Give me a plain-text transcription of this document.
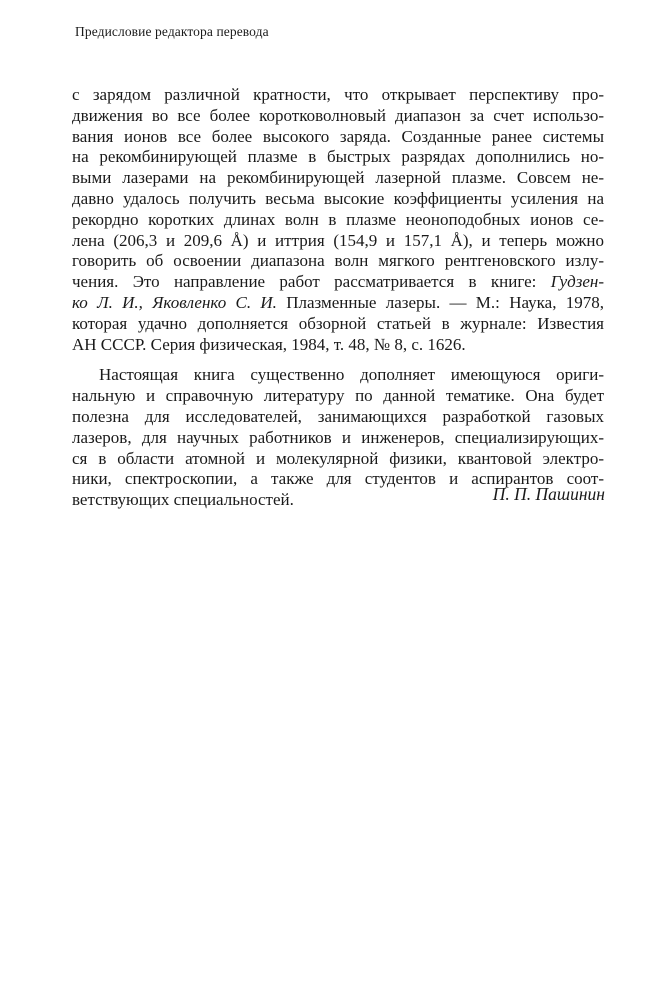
Предисловие редактора перевода
с зарядом различной кратности, что открывает перспективу про-
движения во все более коротковолновый диапазон за счет использо-
вания ионов все более высокого заряда. Созданные ранее системы
на рекомбинирующей плазме в быстрых разрядах дополнились но-
выми лазерами на рекомбинирующей лазерной плазме. Совсем не-
давно удалось получить весьма высокие коэффициенты усиления на
рекордно коротких длинах волн в плазме неоноподобных ионов се-
лена (206,3 и 209,6 Å) и иттрия (154,9 и 157,1 Å), и теперь можно
говорить об освоении диапазона волн мягкого рентгеновского излу-
чения. Это направление работ рассматривается в книге: Гудзен-
ко Л. И., Яковленко С. И. Плазменные лазеры. — М.: Наука, 1978,
которая удачно дополняется обзорной статьей в журнале: Известия
АН СССР. Серия физическая, 1984, т. 48, № 8, с. 1626.
Настоящая книга существенно дополняет имеющуюся ориги-
нальную и справочную литературу по данной тематике. Она будет
полезна для исследователей, занимающихся разработкой газовых
лазеров, для научных работников и инженеров, специализирующих-
ся в области атомной и молекулярной физики, квантовой электро-
ники, спектроскопии, а также для студентов и аспирантов соот-
ветствующих специальностей.	П. П. Пашинин
